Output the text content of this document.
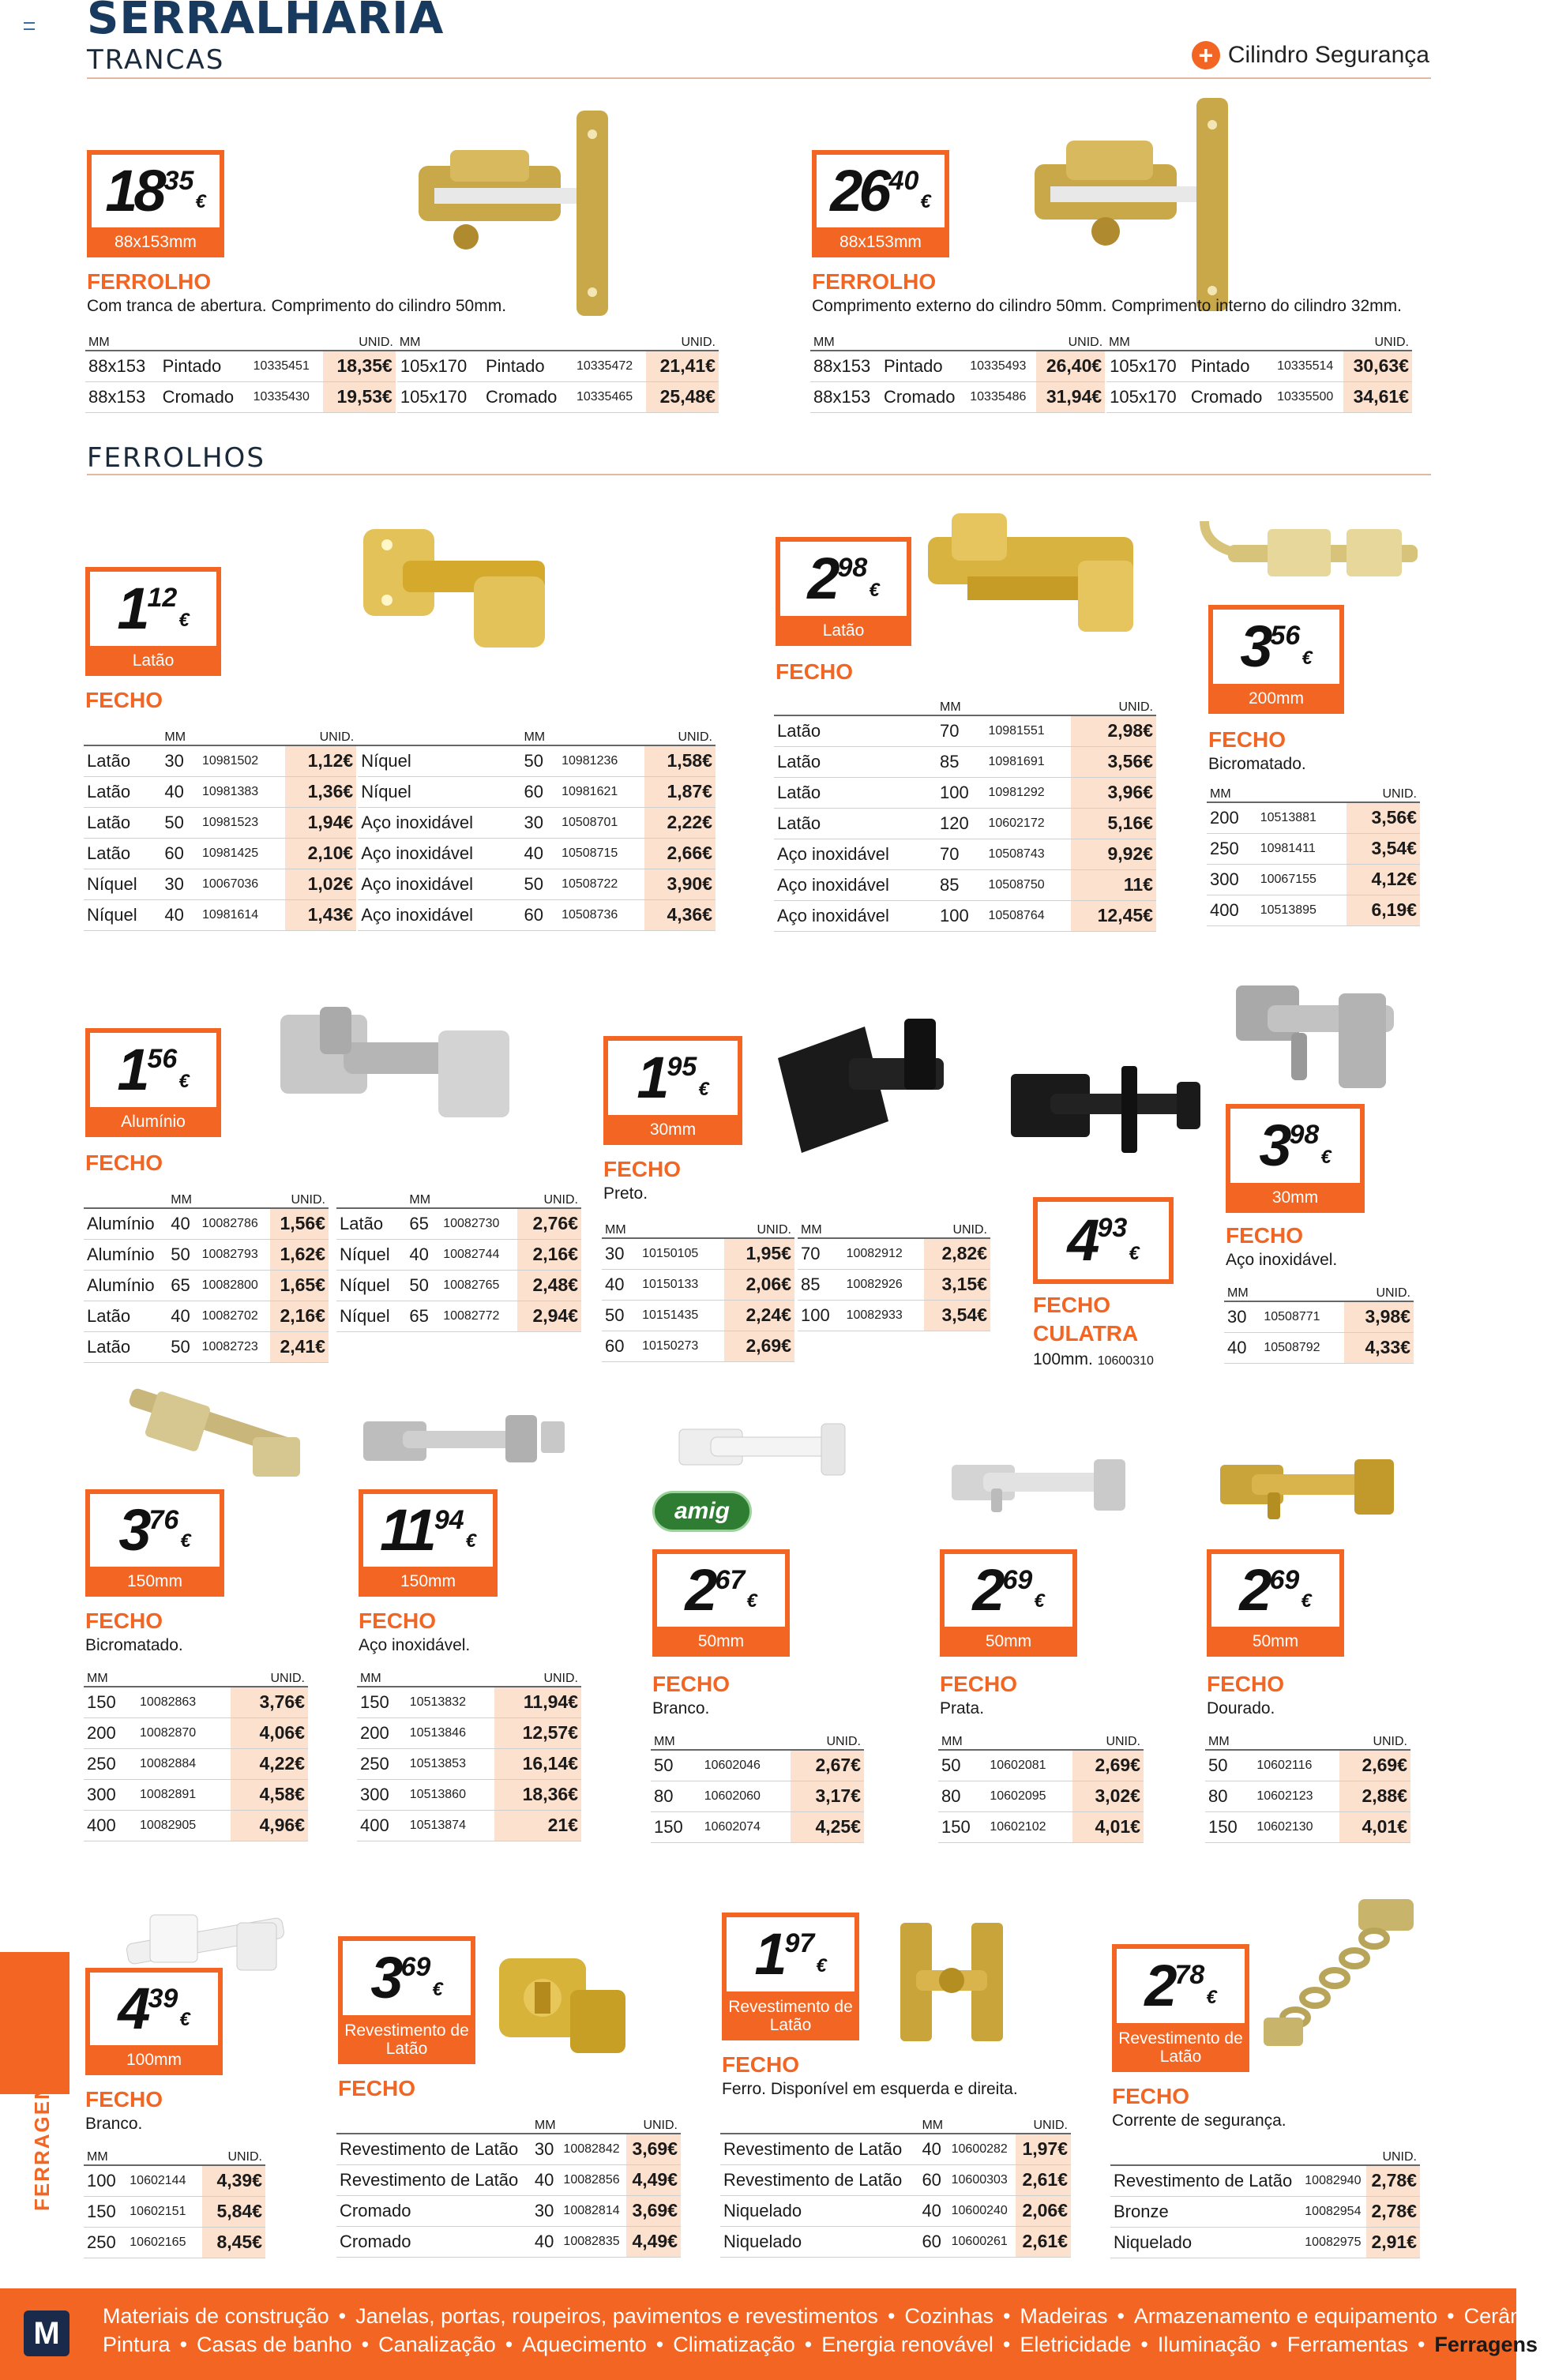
SERRALHARIA
TRANCAS	+ Cilindro Segurança
18 35
€
88x153mm
FERROLHO
Com tranca de abertura. Comprimento do cilindro 50mm.
MM			UNID.	MM			UNID.
88x153	Pintado	10335451	18,35€	105x170	Pintado	10335472	21,41€
88x153	Cromado	10335430	19,53€	105x170	Cromado	10335465	25,48€
26 40
€
88x153mm
FERROLHO
Comprimento externo do cilindro 50mm. Comprimento interno do cilindro 32mm.
MM			UNID.	MM			UNID.
88x153	Pintado	10335493	26,40€	105x170	Pintado	10335514	30,63€
88x153	Cromado	10335486	31,94€	105x170	Cromado	10335500	34,61€
FERROLHOS
1 12
€
Latão
FECHO
	MM		UNID.		MM		UNID.
Latão	30	10981502	1,12€	Níquel	50	10981236	1,58€
Latão	40	10981383	1,36€	Níquel	60	10981621	1,87€
Latão	50	10981523	1,94€	Aço inoxidável	30	10508701	2,22€
Latão	60	10981425	2,10€	Aço inoxidável	40	10508715	2,66€
Níquel	30	10067036	1,02€	Aço inoxidável	50	10508722	3,90€
Níquel	40	10981614	1,43€	Aço inoxidável	60	10508736	4,36€
2 98
€
Latão
FECHO
	MM		UNID.
Latão	70	10981551	2,98€
Latão	85	10981691	3,56€
Latão	100	10981292	3,96€
Latão	120	10602172	5,16€
Aço inoxidável	70	10508743	9,92€
Aço inoxidável	85	10508750	11€
Aço inoxidável	100	10508764	12,45€
3 56
€
200mm
FECHO
Bicromatado.
MM		UNID.
200	10513881	3,56€
250	10981411	3,54€
300	10067155	4,12€
400	10513895	6,19€
1 56
€
Alumínio
FECHO
	MM		UNID.
Alumínio	40	10082786	1,56€
Alumínio	50	10082793	1,62€
Alumínio	65	10082800	1,65€
Latão	40	10082702	2,16€
Latão	50	10082723	2,41€
	MM		UNID.
Latão	65	10082730	2,76€
Níquel	40	10082744	2,16€
Níquel	50	10082765	2,48€
Níquel	65	10082772	2,94€
1 95
€
30mm
FECHO
Preto.
MM		UNID.
30	10150105	1,95€
40	10150133	2,06€
50	10151435	2,24€
60	10150273	2,69€
MM		UNID.
70	10082912	2,82€
85	10082926	3,15€
100	10082933	3,54€
4 93
€
FECHO
CULATRA
100mm. 10600310
3 98
€
30mm
FECHO
Aço inoxidável.
MM		UNID.
30	10508771	3,98€
40	10508792	4,33€
3 76
€
150mm
FECHO
Bicromatado.
MM		UNID.
150	10082863	3,76€
200	10082870	4,06€
250	10082884	4,22€
300	10082891	4,58€
400	10082905	4,96€
11 94
€
150mm
FECHO
Aço inoxidável.
MM		UNID.
150	10513832	11,94€
200	10513846	12,57€
250	10513853	16,14€
300	10513860	18,36€
400	10513874	21€
amig
2 67
€
50mm
FECHO
Branco.
MM		UNID.
50	10602046	2,67€
80	10602060	3,17€
150	10602074	4,25€
2 69
€
50mm
FECHO
Prata.
MM		UNID.
50	10602081	2,69€
80	10602095	3,02€
150	10602102	4,01€
2 69
€
50mm
FECHO
Dourado.
MM		UNID.
50	10602116	2,69€
80	10602123	2,88€
150	10602130	4,01€
FERRAGENS
4 39
€
100mm
FECHO
Branco.
MM		UNID.
100	10602144	4,39€
150	10602151	5,84€
250	10602165	8,45€
3 69
€
Revestimento de Latão
FECHO
	MM		UNID.
Revestimento de Latão	30	10082842	3,69€
Revestimento de Latão	40	10082856	4,49€
Cromado	30	10082814	3,69€
Cromado	40	10082835	4,49€
1 97
€
Revestimento de Latão
FECHO
Ferro. Disponível em esquerda e direita.
	MM		UNID.
Revestimento de Latão	40	10600282	1,97€
Revestimento de Latão	60	10600303	2,61€
Niquelado	40	10600240	2,06€
Niquelado	60	10600261	2,61€
2 78
€
Revestimento de Latão
FECHO
Corrente de segurança.
		UNID.
Revestimento de Latão	10082940	2,78€
Bronze	10082954	2,78€
Niquelado	10082975	2,91€
M	Materiais de construção • Janelas, portas, roupeiros, pavimentos e revestimentos • Cozinhas • Madeiras • Armazenamento e equipamento • Cerâmica
Pintura • Casas de banho • Canalização • Aquecimento • Climatização • Energia renovável • Eletricidade • Iluminação • Ferramentas • Ferragens
